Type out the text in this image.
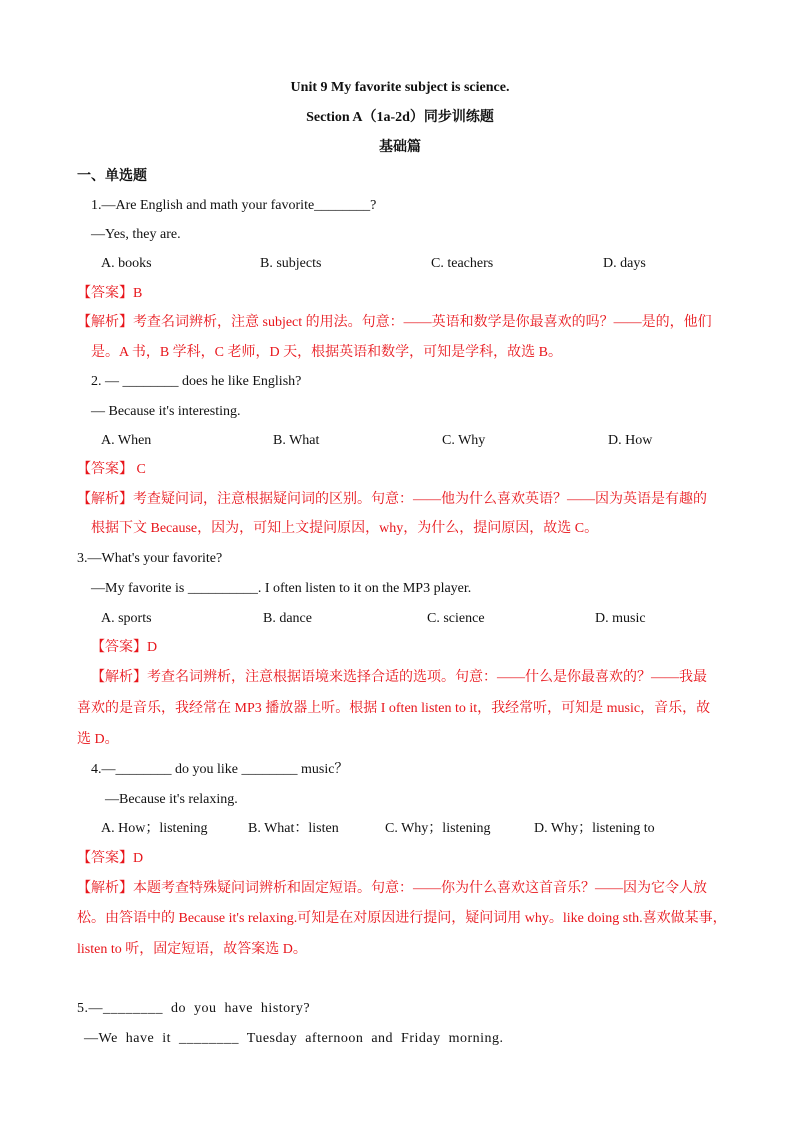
Unit 9 My favorite subject is science.
Section A（1a-2d）同步训练题
基础篇
一、单选题
1.—Are English and math your favorite________?
—Yes, they are.
A. books	B. subjects	C. teachers	D. days
【答案】B
【解析】考查名词辨析，注意 subject 的用法。句意：——英语和数学是你最喜欢的吗？——是的，他们
是。A 书，B 学科，C 老师，D 天，根据英语和数学，可知是学科，故选 B。
2. — ________ does he like English?
— Because it's interesting.
A. When	B. What	C. Why	D. How
【答案】 C
【解析】考查疑问词，注意根据疑问词的区别。句意：——他为什么喜欢英语？——因为英语是有趣的
根据下文 Because，因为，可知上文提问原因，why，为什么，提问原因，故选 C。
3.—What's your favorite?
—My favorite is __________. I often listen to it on the MP3 player.
A. sports	B. dance	C. science	D. music
【答案】D
【解析】考查名词辨析，注意根据语境来选择合适的选项。句意：——什么是你最喜欢的？——我最
喜欢的是音乐，我经常在 MP3 播放器上听。根据 I often listen to it，我经常听，可知是 music，音乐，故
选 D。
4.—________ do you like ________ music？
—Because it's relaxing.
A. How；listening	B. What：listen	C. Why；listening	D. Why；listening to
【答案】D
【解析】本题考查特殊疑问词辨析和固定短语。句意：——你为什么喜欢这首音乐？——因为它令人放
松。由答语中的 Because it's relaxing.可知是在对原因进行提问，疑问词用 why。like doing sth.喜欢做某事，
listen to 听，固定短语，故答案选 D。
5.—________ do you have history?
—We have it ________ Tuesday afternoon and Friday morning.
